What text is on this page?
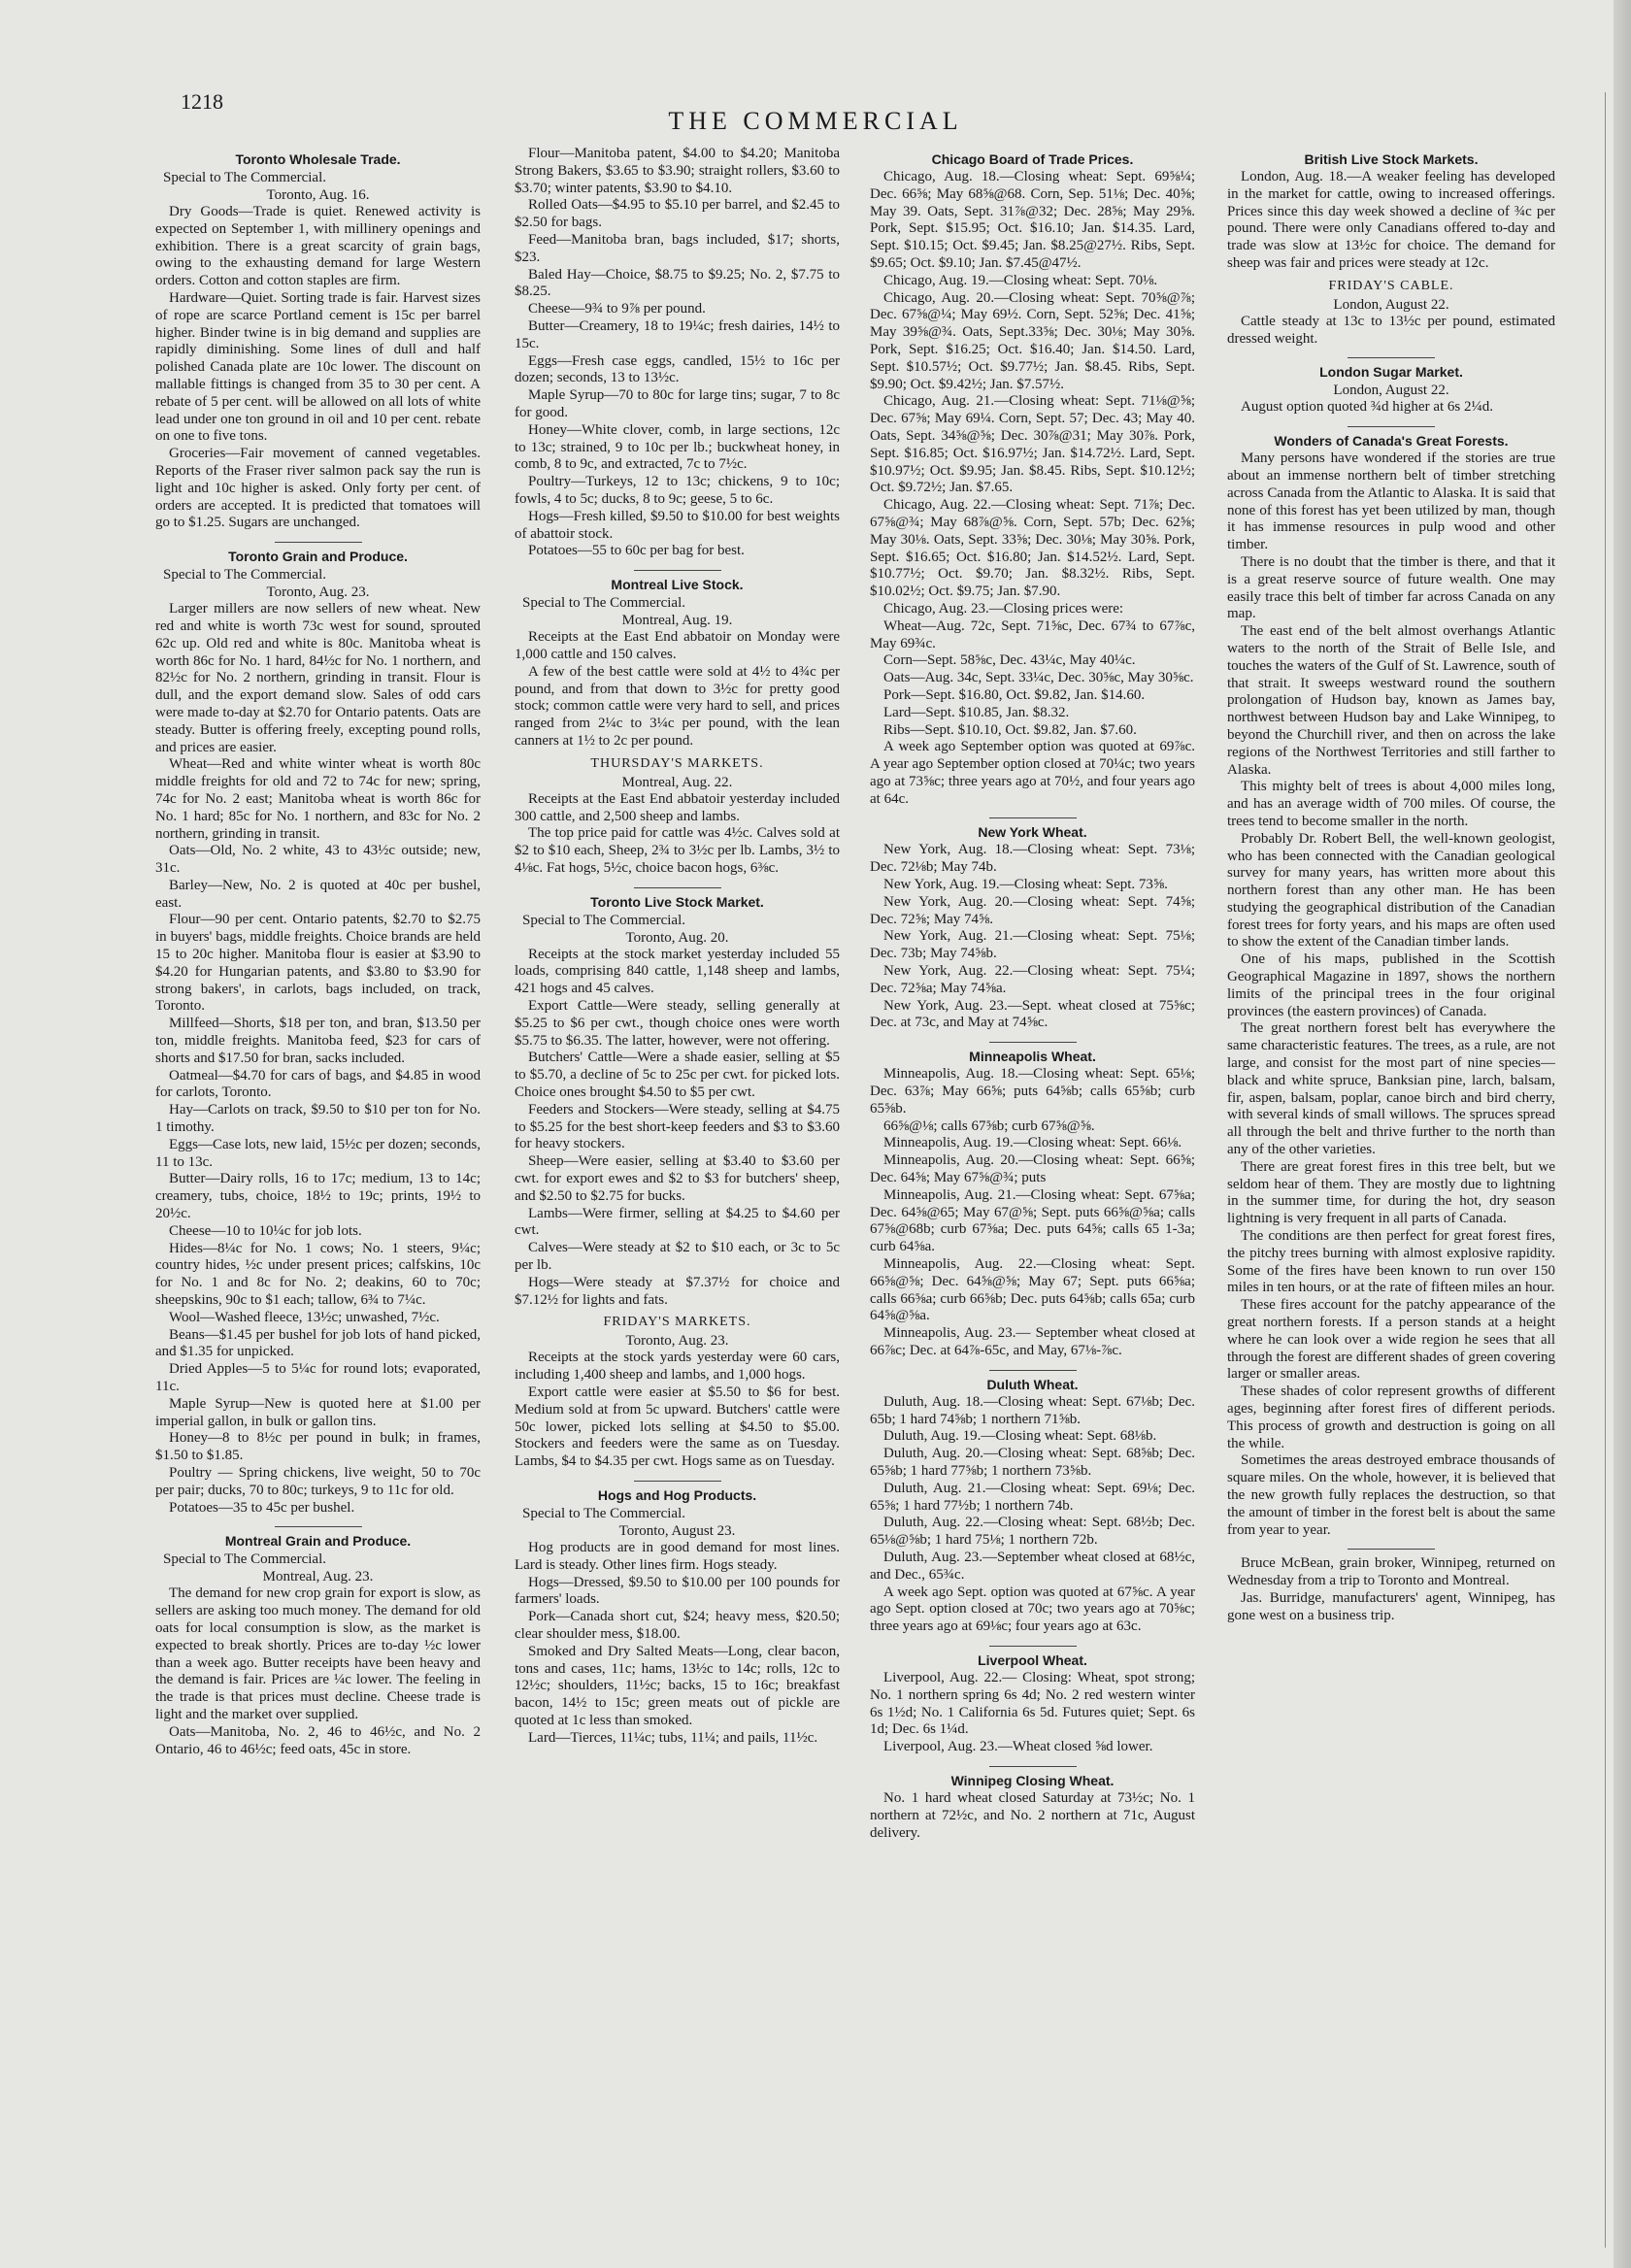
1218
THE COMMERCIAL
Toronto Wholesale Trade.
Special to The Commercial.
Toronto, Aug. 16.

Dry Goods—Trade is quiet. Renewed activity is expected on September 1, with millinery openings and exhibition. There is a great scarcity of grain bags, owing to the exhausting demand for large Western orders. Cotton and cotton staples are firm.

Hardware—Quiet. Sorting trade is fair. Harvest sizes of rope are scarce Portland cement is 15c per barrel higher. Binder twine is in big demand and supplies are rapidly diminishing. Some lines of dull and half polished Canada plate are 10c lower. The discount on mallable fittings is changed from 35 to 30 per cent. A rebate of 5 per cent. will be allowed on all lots of white lead under one ton ground in oil and 10 per cent. rebate on one to five tons.

Groceries—Fair movement of canned vegetables. Reports of the Fraser river salmon pack say the run is light and 10c higher is asked. Only forty per cent. of orders are accepted. It is predicted that tomatoes will go to $1.25. Sugars are unchanged.

Toronto Grain and Produce.
Special to The Commercial.
Toronto, Aug. 23.

Larger millers are now sellers of new wheat. New red and white is worth 73c west for sound, sprouted 62c up. Old red and white is 80c. Manitoba wheat is worth 86c for No. 1 hard, 84½c for No. 1 northern, and 82½c for No. 2 northern, grinding in transit. Flour is dull, and the export demand slow. Sales of odd cars were made to-day at $2.70 for Ontario patents. Oats are steady. Butter is offering freely, excepting pound rolls, and prices are easier.

Wheat—Red and white winter wheat is worth 80c middle freights for old and 72 to 74c for new; spring, 74c for No. 2 east; Manitoba wheat is worth 86c for No. 1 hard; 85c for No. 1 northern, and 83c for No. 2 northern, grinding in transit.

Oats—Old, No. 2 white, 43 to 43½c outside; new, 31c.

Barley—New, No. 2 is quoted at 40c per bushel, east.

Flour—90 per cent. Ontario patents, $2.70 to $2.75 in buyers' bags, middle freights. Choice brands are held 15 to 20c higher. Manitoba flour is easier at $3.90 to $4.20 for Hungarian patents, and $3.80 to $3.90 for strong bakers', in carlots, bags included, on track, Toronto.

Millfeed—Shorts, $18 per ton, and bran, $13.50 per ton, middle freights. Manitoba feed, $23 for cars of shorts and $17.50 for bran, sacks included.

Oatmeal—$4.70 for cars of bags, and $4.85 in wood for carlots, Toronto.

Hay—Carlots on track, $9.50 to $10 per ton for No. 1 timothy.

Eggs—Case lots, new laid, 15½c per dozen; seconds, 11 to 13c.

Butter—Dairy rolls, 16 to 17c; medium, 13 to 14c; creamery, tubs, choice, 18½ to 19c; prints, 19½ to 20½c.

Cheese—10 to 10¼c for job lots.

Hides—8¼c for No. 1 cows; No. 1 steers, 9¼c; country hides, ½c under present prices; calfskins, 10c for No. 1 and 8c for No. 2; deakins, 60 to 70c; sheepskins, 90c to $1 each; tallow, 6¾ to 7¼c.

Wool—Washed fleece, 13½c; unwashed, 7½c.

Beans—$1.45 per bushel for job lots of hand picked, and $1.35 for unpicked.

Dried Apples—5 to 5¼c for round lots; evaporated, 11c.

Maple Syrup—New is quoted here at $1.00 per imperial gallon, in bulk or gallon tins.

Honey—8 to 8½c per pound in bulk; in frames, $1.50 to $1.85.

Poultry — Spring chickens, live weight, 50 to 70c per pair; ducks, 70 to 80c; turkeys, 9 to 11c for old.

Potatoes—35 to 45c per bushel.

Montreal Grain and Produce.
Special to The Commercial.
Montreal, Aug. 23.

The demand for new crop grain for export is slow, as sellers are asking too much money. The demand for old oats for local consumption is slow, as the market is expected to break shortly. Prices are to-day ½c lower than a week ago. Butter receipts have been heavy and the demand is fair. Prices are ¼c lower. The feeling in the trade is that prices must decline. Cheese trade is light and the market over supplied.

Oats—Manitoba, No. 2, 46 to 46½c, and No. 2 Ontario, 46 to 46½c; feed oats, 45c in store.

Flour—Manitoba patent, $4.00 to $4.20; Manitoba Strong Bakers, $3.65 to $3.90; straight rollers, $3.60 to $3.70; winter patents, $3.90 to $4.10.

Rolled Oats—$4.95 to $5.10 per barrel, and $2.45 to $2.50 for bags.

Feed—Manitoba bran, bags included, $17; shorts, $23.

Baled Hay—Choice, $8.75 to $9.25; No. 2, $7.75 to $8.25.

Cheese—9¾ to 9⅞ per pound.

Butter—Creamery, 18 to 19¼c; fresh dairies, 14½ to 15c.

Eggs—Fresh case eggs, candled, 15½ to 16c per dozen; seconds, 13 to 13½c.

Maple Syrup—70 to 80c for large tins; sugar, 7 to 8c for good.

Honey—White clover, comb, in large sections, 12c to 13c; strained, 9 to 10c per lb.; buckwheat honey, in comb, 8 to 9c, and extracted, 7c to 7½c.

Poultry—Turkeys, 12 to 13c; chickens, 9 to 10c; fowls, 4 to 5c; ducks, 8 to 9c; geese, 5 to 6c.

Hogs—Fresh killed, $9.50 to $10.00 for best weights of abattoir stock.

Potatoes—55 to 60c per bag for best.

Montreal Live Stock.
Special to The Commercial.
Montreal, Aug. 19.

Receipts at the East End abbatoir on Monday were 1,000 cattle and 150 calves.

A few of the best cattle were sold at 4½ to 4¾c per pound, and from that down to 3½c for pretty good stock; common cattle were very hard to sell, and prices ranged from 2¼c to 3¼c per pound, with the lean canners at 1½ to 2c per pound.

THURSDAY'S MARKETS.
Montreal, Aug. 22.

Receipts at the East End abbatoir yesterday included 300 cattle, and 2,500 sheep and lambs.

The top price paid for cattle was 4½c. Calves sold at $2 to $10 each, Sheep, 2¾ to 3½c per lb. Lambs, 3½ to 4⅛c. Fat hogs, 5½c, choice bacon hogs, 6⅜c.

Toronto Live Stock Market.
Special to The Commercial.
Toronto, Aug. 20.

Receipts at the stock market yesterday included 55 loads, comprising 840 cattle, 1,148 sheep and lambs, 421 hogs and 45 calves.

Export Cattle—Were steady, selling generally at $5.25 to $6 per cwt., though choice ones were worth $5.75 to $6.35. The latter, however, were not offering.

Butchers' Cattle—Were a shade easier, selling at $5 to $5.70, a decline of 5c to 25c per cwt. for picked lots. Choice ones brought $4.50 to $5 per cwt.

Feeders and Stockers—Were steady, selling at $4.75 to $5.25 for the best short-keep feeders and $3 to $3.60 for heavy stockers.

Sheep—Were easier, selling at $3.40 to $3.60 per cwt. for export ewes and $2 to $3 for butchers' sheep, and $2.50 to $2.75 for bucks.

Lambs—Were firmer, selling at $4.25 to $4.60 per cwt.

Calves—Were steady at $2 to $10 each, or 3c to 5c per lb.

Hogs—Were steady at $7.37½ for choice and $7.12½ for lights and fats.

FRIDAY'S MARKETS.
Toronto, Aug. 23.

Receipts at the stock yards yesterday were 60 cars, including 1,400 sheep and lambs, and 1,000 hogs.

Export cattle were easier at $5.50 to $6 for best. Medium sold at from 5c upward. Butchers' cattle were 50c lower, picked lots selling at $4.50 to $5.00. Stockers and feeders were the same as on Tuesday. Lambs, $4 to $4.35 per cwt. Hogs same as on Tuesday.

Hogs and Hog Products.
Special to The Commercial.
Toronto, August 23.

Hog products are in good demand for most lines. Lard is steady. Other lines firm. Hogs steady.

Hogs—Dressed, $9.50 to $10.00 per 100 pounds for farmers' loads.

Pork—Canada short cut, $24; heavy mess, $20.50; clear shoulder mess, $18.00.

Smoked and Dry Salted Meats—Long, clear bacon, tons and cases, 11c; hams, 13½c to 14c; rolls, 12c to 12½c; shoulders, 11½c; backs, 15 to 16c; breakfast bacon, 14½ to 15c; green meats out of pickle are quoted at 1c less than smoked.

Lard—Tierces, 11¼c; tubs, 11¼; and pails, 11½c.

Chicago Board of Trade Prices.

Chicago, Aug. 18.—Closing wheat: Sept. 69⅝¼; Dec. 66⅝; May 68⅝@68. Corn, Sep. 51⅛; Dec. 40⅝; May 39. Oats, Sept. 31⅞@32; Dec. 28⅝; May 29⅝. Pork, Sept. $15.95; Oct. $16.10; Jan. $14.35. Lard, Sept. $10.15; Oct. $9.45; Jan. $8.25@27½. Ribs, Sept. $9.65; Oct. $9.10; Jan. $7.45@47½.

Chicago, Aug. 19.—Closing wheat: Sept. 70⅛.

Chicago, Aug. 20.—Closing wheat: Sept. 70⅝@⅞; Dec. 67⅝@¼; May 69½. Corn, Sept. 52⅝; Dec. 41⅝; May 39⅝@¾. Oats, Sept.33⅝; Dec. 30⅛; May 30⅝. Pork, Sept. $16.25; Oct. $16.40; Jan. $14.50. Lard, Sept. $10.57½; Oct. $9.77½; Jan. $8.45. Ribs, Sept. $9.90; Oct. $9.42½; Jan. $7.57½.

Chicago, Aug. 21.—Closing wheat: Sept. 71⅛@⅝; Dec. 67⅝; May 69¼. Corn, Sept. 57; Dec. 43; May 40. Oats, Sept. 34⅝@⅝; Dec. 30⅞@31; May 30⅞. Pork, Sept. $16.85; Oct. $16.97½; Jan. $14.72½. Lard, Sept. $10.97½; Oct. $9.95; Jan. $8.45. Ribs, Sept. $10.12½; Oct. $9.72½; Jan. $7.65.

Chicago, Aug. 22.—Closing wheat: Sept. 71⅞; Dec. 67⅝@¾; May 68⅞@⅝. Corn, Sept. 57b; Dec. 62⅝; May 30⅛. Oats, Sept. 33⅝; Dec. 30⅛; May 30⅝. Pork, Sept. $16.65; Oct. $16.80; Jan. $14.52½. Lard, Sept. $10.77½; Oct. $9.70; Jan. $8.32½. Ribs, Sept. $10.02½; Oct. $9.75; Jan. $7.90.

Chicago, Aug. 23.—Closing prices were:

Wheat—Aug. 72c, Sept. 71⅝c, Dec. 67¾ to 67⅞c, May 69¾c.

Corn—Sept. 58⅝c, Dec. 43¼c, May 40¼c.

Oats—Aug. 34c, Sept. 33¼c, Dec. 30⅝c, May 30⅝c.

Pork—Sept. $16.80, Oct. $9.82, Jan. $14.60.

Lard—Sept. $10.85, Jan. $8.32.

Ribs—Sept. $10.10, Oct. $9.82, Jan. $7.60.

A week ago September option was quoted at 69⅞c. A year ago September option closed at 70¼c; two years ago at 73⅝c; three years ago at 70½, and four years ago at 64c.

New York Wheat.

New York, Aug. 18.—Closing wheat: Sept. 73⅛; Dec. 72⅛b; May 74b.

New York, Aug. 19.—Closing wheat: Sept. 73⅝.

New York, Aug. 20.—Closing wheat: Sept. 74⅝; Dec. 72⅝; May 74⅝.

New York, Aug. 21.—Closing wheat: Sept. 75⅛; Dec. 73b; May 74⅝b.

New York, Aug. 22.—Closing wheat: Sept. 75¼; Dec. 72⅝a; May 74⅝a.

New York, Aug. 23.—Sept. wheat closed at 75⅝c; Dec. at 73c, and May at 74⅝c.

Minneapolis Wheat.

Minneapolis, Aug. 18.—Closing wheat: Sept. 65⅛; Dec. 63⅞; May 66⅝; puts 64⅝b; calls 65⅝b; curb 65⅝b.

66⅝@⅛; calls 67⅝b; curb 67⅝@⅝.

Minneapolis, Aug. 19.—Closing wheat: Sept. 66⅛.

Minneapolis, Aug. 20.—Closing wheat: Sept. 66⅝; Dec. 64⅝; May 67⅝@¾; puts

Minneapolis, Aug. 21.—Closing wheat: Sept. 67⅝a; Dec. 64⅝@65; May 67@⅝; Sept. puts 66⅝@⅝a; calls 67⅝@68b; curb 67⅝a; Dec. puts 64⅝; calls 65 1-3a; curb 64⅝a.

Minneapolis, Aug. 22.—Closing wheat: Sept. 66⅝@⅝; Dec. 64⅝@⅝; May 67; Sept. puts 66⅝a; calls 66⅝a; curb 66⅝b; Dec. puts 64⅝b; calls 65a; curb 64⅝@⅝a.

Minneapolis, Aug. 23.— September wheat closed at 66⅞c; Dec. at 64⅞-65c, and May, 67⅛-⅞c.

Duluth Wheat.

Duluth, Aug. 18.—Closing wheat: Sept. 67⅛b; Dec. 65b; 1 hard 74⅝b; 1 northern 71⅝b.

Duluth, Aug. 19.—Closing wheat: Sept. 68⅛b.

Duluth, Aug. 20.—Closing wheat: Sept. 68⅝b; Dec. 65⅝b; 1 hard 77⅝b; 1 northern 73⅝b.

Duluth, Aug. 21.—Closing wheat: Sept. 69⅛; Dec. 65⅝; 1 hard 77½b; 1 northern 74b.

Duluth, Aug. 22.—Closing wheat: Sept. 68½b; Dec. 65⅛@⅝b; 1 hard 75⅛; 1 northern 72b.

Duluth, Aug. 23.—September wheat closed at 68½c, and Dec., 65¾c.

A week ago Sept. option was quoted at 67⅝c. A year ago Sept. option closed at 70c; two years ago at 70⅝c; three years ago at 69⅛c; four years ago at 63c.

Liverpool Wheat.

Liverpool, Aug. 22.— Closing: Wheat, spot strong; No. 1 northern spring 6s 4d; No. 2 red western winter 6s 1½d; No. 1 California 6s 5d. Futures quiet; Sept. 6s 1d; Dec. 6s 1¼d.

Liverpool, Aug. 23.—Wheat closed ⅝d lower.

Winnipeg Closing Wheat.

No. 1 hard wheat closed Saturday at 73½c; No. 1 northern at 72½c, and No. 2 northern at 71c, August delivery.

British Live Stock Markets.

London, Aug. 18.—A weaker feeling has developed in the market for cattle, owing to increased offerings. Prices since this day week showed a decline of ¾c per pound. There were only Canadians offered to-day and trade was slow at 13½c for choice. The demand for sheep was fair and prices were steady at 12c.

FRIDAY'S CABLE.
London, August 22.

Cattle steady at 13c to 13½c per pound, estimated dressed weight.

London Sugar Market.
London, August 22.

August option quoted ¾d higher at 6s 2¼d.

Wonders of Canada's Great Forests.

Many persons have wondered if the stories are true about an immense northern belt of timber stretching across Canada from the Atlantic to Alaska. It is said that none of this forest has yet been utilized by man, though it has immense resources in pulp wood and other timber.

There is no doubt that the timber is there, and that it is a great reserve source of future wealth. One may easily trace this belt of timber far across Canada on any map.

The east end of the belt almost overhangs Atlantic waters to the north of the Strait of Belle Isle, and touches the waters of the Gulf of St. Lawrence, south of that strait. It sweeps westward round the southern prolongation of Hudson bay, known as James bay, northwest between Hudson bay and Lake Winnipeg, to beyond the Churchill river, and then on across the lake regions of the Northwest Territories and still farther to Alaska.

This mighty belt of trees is about 4,000 miles long, and has an average width of 700 miles. Of course, the trees tend to become smaller in the north.

Probably Dr. Robert Bell, the well-known geologist, who has been connected with the Canadian geological survey for many years, has written more about this northern forest than any other man. He has been studying the geographical distribution of the Canadian forest trees for forty years, and his maps are often used to show the extent of the Canadian timber lands.

One of his maps, published in the Scottish Geographical Magazine in 1897, shows the northern limits of the principal trees in the four original provinces (the eastern provinces) of Canada.

The great northern forest belt has everywhere the same characteristic features. The trees, as a rule, are not large, and consist for the most part of nine species—black and white spruce, Banksian pine, larch, balsam, fir, aspen, balsam, poplar, canoe birch and bird cherry, with several kinds of small willows. The spruces spread all through the belt and thrive further to the north than any of the other varieties.

There are great forest fires in this tree belt, but we seldom hear of them. They are mostly due to lightning in the summer time, for during the hot, dry season lightning is very frequent in all parts of Canada.

The conditions are then perfect for great forest fires, the pitchy trees burning with almost explosive rapidity. Some of the fires have been known to run over 150 miles in ten hours, or at the rate of fifteen miles an hour.

These fires account for the patchy appearance of the great northern forests. If a person stands at a height where he can look over a wide region he sees that all through the forest are different shades of green covering larger or smaller areas.

These shades of color represent growths of different ages, beginning after forest fires of different periods. This process of growth and destruction is going on all the while.

Sometimes the areas destroyed embrace thousands of square miles. On the whole, however, it is believed that the new growth fully replaces the destruction, so that the amount of timber in the forest belt is about the same from year to year.

Bruce McBean, grain broker, Winnipeg, returned on Wednesday from a trip to Toronto and Montreal.

Jas. Burridge, manufacturers' agent, Winnipeg, has gone west on a business trip.
